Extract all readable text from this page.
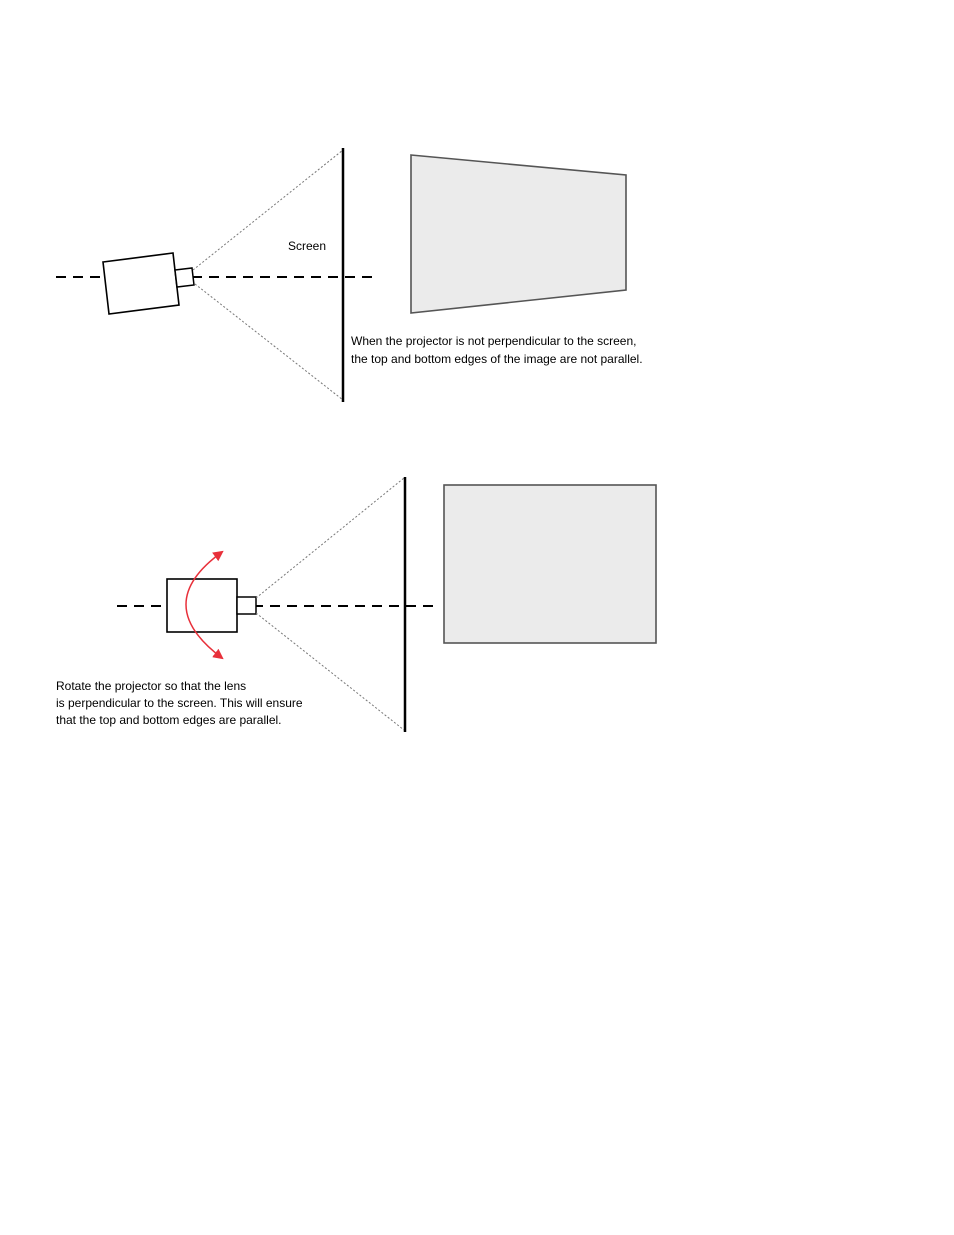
Screen
When the projector is not perpendicular to the screen, the top and bottom edges of the image are not parallel.
Rotate the projector so that the lens is perpendicular to the screen. This will ensure that the top and bottom edges are parallel.
